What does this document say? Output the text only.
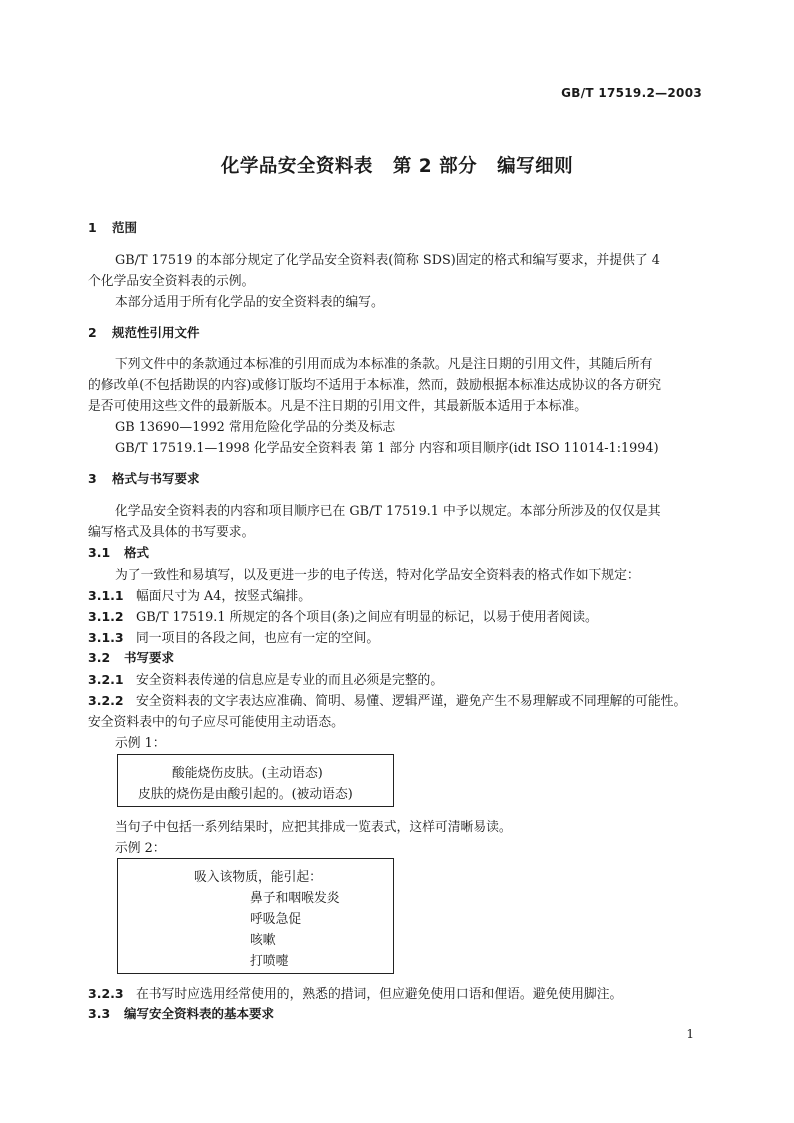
GB/T 17519.2—2003
化学品安全资料表 第 2 部分 编写细则
1 范围
GB/T 17519 的本部分规定了化学品安全资料表(简称 SDS)固定的格式和编写要求，并提供了 4
个化学品安全资料表的示例。
本部分适用于所有化学品的安全资料表的编写。
2 规范性引用文件
下列文件中的条款通过本标准的引用而成为本标准的条款。凡是注日期的引用文件，其随后所有
的修改单(不包括勘误的内容)或修订版均不适用于本标准，然而，鼓励根据本标准达成协议的各方研究
是否可使用这些文件的最新版本。凡是不注日期的引用文件，其最新版本适用于本标准。
GB 13690—1992 常用危险化学品的分类及标志
GB/T 17519.1—1998 化学品安全资料表 第 1 部分 内容和项目顺序(idt ISO 11014-1:1994)
3 格式与书写要求
化学品安全资料表的内容和项目顺序已在 GB/T 17519.1 中予以规定。本部分所涉及的仅仅是其
编写格式及具体的书写要求。
3.1 格式
为了一致性和易填写，以及更进一步的电子传送，特对化学品安全资料表的格式作如下规定：
3.1.1 幅面尺寸为 A4，按竖式编排。
3.1.2 GB/T 17519.1 所规定的各个项目(条)之间应有明显的标记，以易于使用者阅读。
3.1.3 同一项目的各段之间，也应有一定的空间。
3.2 书写要求
3.2.1 安全资料表传递的信息应是专业的而且必须是完整的。
3.2.2 安全资料表的文字表达应准确、简明、易懂、逻辑严谨，避免产生不易理解或不同理解的可能性。
安全资料表中的句子应尽可能使用主动语态。
示例 1：
酸能烧伤皮肤。(主动语态)
皮肤的烧伤是由酸引起的。(被动语态)
当句子中包括一系列结果时，应把其排成一览表式，这样可清晰易读。
示例 2：
吸入该物质，能引起：
鼻子和咽喉发炎
呼吸急促
咳嗽
打喷嚏
3.2.3 在书写时应选用经常使用的，熟悉的措词，但应避免使用口语和俚语。避免使用脚注。
3.3 编写安全资料表的基本要求
1
